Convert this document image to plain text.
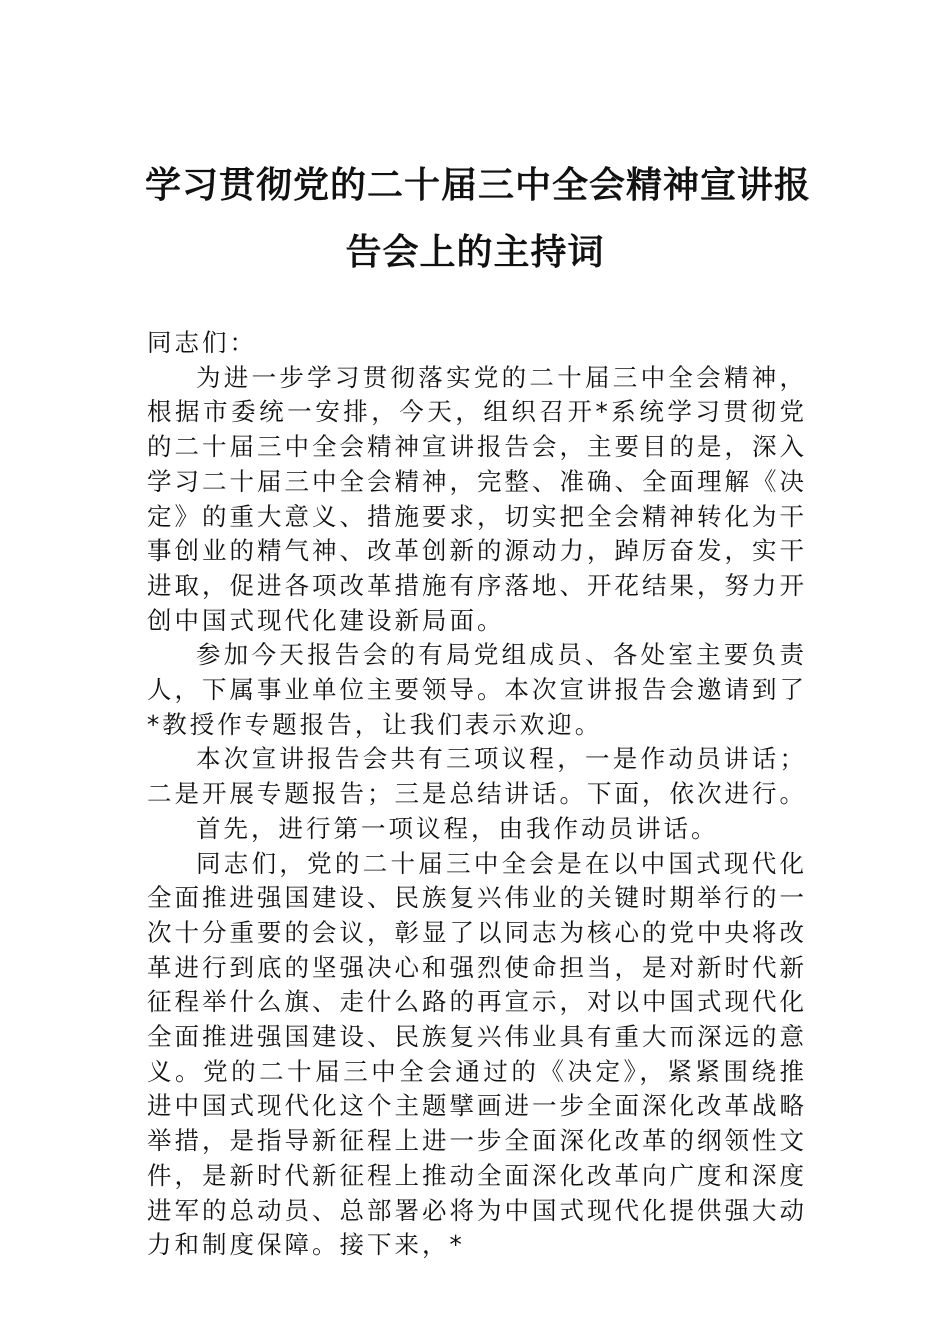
学习贯彻党的二十届三中全会精神宣讲报
告会上的主持词

同志们：

为进一步学习贯彻落实党的二十届三中全会精神，根据市委统一安排，今天，组织召开*系统学习贯彻党的二十届三中全会精神宣讲报告会，主要目的是，深入学习二十届三中全会精神，完整、准确、全面理解《决定》的重大意义、措施要求，切实把全会精神转化为干事创业的精气神、改革创新的源动力，踔厉奋发，实干进取，促进各项改革措施有序落地、开花结果，努力开创中国式现代化建设新局面。

参加今天报告会的有局党组成员、各处室主要负责人，下属事业单位主要领导。本次宣讲报告会邀请到了*教授作专题报告，让我们表示欢迎。

本次宣讲报告会共有三项议程，一是作动员讲话；二是开展专题报告；三是总结讲话。下面，依次进行。

首先，进行第一项议程，由我作动员讲话。

同志们，党的二十届三中全会是在以中国式现代化全面推进强国建设、民族复兴伟业的关键时期举行的一次十分重要的会议，彰显了以同志为核心的党中央将改革进行到底的坚强决心和强烈使命担当，是对新时代新征程举什么旗、走什么路的再宣示，对以中国式现代化全面推进强国建设、民族复兴伟业具有重大而深远的意义。党的二十届三中全会通过的《决定》，紧紧围绕推进中国式现代化这个主题擘画进一步全面深化改革战略举措，是指导新征程上进一步全面深化改革的纲领性文件，是新时代新征程上推动全面深化改革向广度和深度进军的总动员、总部署必将为中国式现代化提供强大动力和制度保障。接下来，*
